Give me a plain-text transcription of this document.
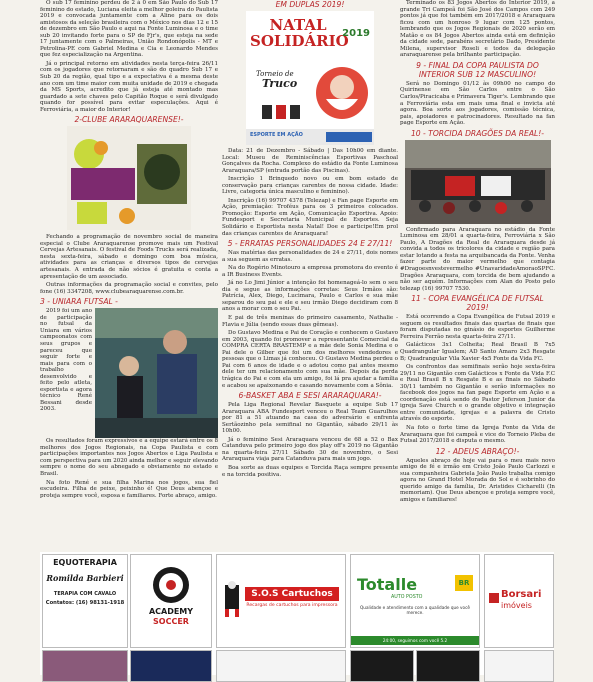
O sub 17 feminino perdeu de 2 á 0 em São Paulo do Sub 17 feminino do estado, Luciana eleita a melhor goleira do Paulista 2019 e convocada juntamente com a Aline para os dois amistosos da seleção brasileira com o México nos dias 12 e 15 de dezembro em São Paulo e aqui na Fonte Luminosa e o time sub 20 invitando forte para o SP de Fjr's, que esteja na sede 17 juntamente com o Palmeiras, União Rondonópolis - MT e Petrolina-PE com Gabriel Medina e Cia e Leonardo Mendes que fez especialização na Argentina.

Já o principal retorno em atividades nesta terça-feira 26/11 com os jogadores que retornaram e são do quadro Sub 17 e Sub 20 da região, qual tipo e a expectativa é a mesma deste ano com um time maior com muita unidade de 2019 e chegada da MS Sports, acredito que já esteja até montado mas guardado a sete chaves pelo Capitão Roque e será divulgado quando for possível para evitar especulações. Aqui é Ferroviária, a maior do Interior!

2-CLUBE ARARAQUARENSE!-

Fechando a programação de novembro social de maneira especial o Clube Araraquarense promove mais um Festival Cervejas Artesanais. O festival de Foods Trucks será realizada, nesta sexta-feira, sábado e domingo com boa música, atividades para as crianças e diversos tipos de cervejas artesanais. A entrada de não sócios é gratuita e conta a apresentação de um associado.

Outras informações da programação social e convites, pelo fone (16) 3347208, www.clubearaquarense.com.br.

3 - UNIARA FUTSAL -

2019 foi um ano de participação no futsal da Uniara em vários campeonatos com seus grupos e pareceu que seguir forte e mais para com o trabalho desenvolvido e feito pelo atleta, esportista e agora técnico René Bessani desde 2003.

Os resultados foram expressivos e a equipe estará entre os 8 melhores dos Jogos Regionais, na Copa Paulista e com participações importantes nos Jogos Abertos e Liga Paulista e com perspectiva para um 2020 ainda melhor e seguir elevando sempre o nome do seu abnegado e obviamente no estado e Brasil.

Na foto René e sua filha Marina nos jogos, sua fiel escudeira. Filha de peixe, peixinho é! Que Deus abençoe e proteja sempre você, esposa e familiares. Forte abraço, amigo.

EM DUPLAS 2019!
NATAL SOLIDÁRIO
2019
Torneio de
Truco
ESPORTE EM AÇÃO

Data: 21 de Dezembro - Sábado | Das 10h00 em diante. Local: Museu de Reminiscências Esportivas Paschoal Gonçalves da Rocha. Complexo do estádio da Fonte Luminosa Araraquara/SP (entrada portão das Piscinas).

Inscrição 1 Brinquedo novo ou em bom estado de conservação para crianças carentes de nossa cidade. Idade: Livre, categoria única masculino e feminino).

Inscrição (16) 99707 4378 (Telezap) e Fan page Esporte em Ação, premiação: Troféus para os 3 primeiros colocados. Promoção: Esporte em Ação, Comunicação Esportiva. Apoio: Fundesport e Secretaria Municipal de Esportes. Seja Solidário e Esportista nesta Natal! Doe e participe!Em prol das crianças carentes de Araraquara!

5 - ERRATAS PERSONALIDADES 24 E 27/11!

Nas matérias das personalidades de 24 e 27/11, dois nomes a sua seguem as erratas.

Na do Rogério Minotouro a empresa promotora do evento é a IR Business Events.

Já no Lo Jimi Júnior a intenção foi homenageá-lo sem o seu dia e segue as informações corretas: Seus Irmãos são: Patrícia, Alex, Diego, Lucimara, Paulo e Carlos e sua mãe separou do seu pai e ele e seu irmão Diego decidiram com 8 anos a morar com o seu Pai.

E pai de três meninas do primeiro casamento, Nathalie - Flavia e Júlia (sendo essas duas gêmeas).

Do Gustavo Medina e Pai de Coração e conhecem o Gustavo em 2003, quando foi promover a representante Comercial da COMPRA CERTA BRASTEMP e a mãe dele Sonia Medina e o Pai dele o Gilber que foi um dos melhores vendedores e pessoas que o Limas já conheceu. O Gustavo Medina perdeu o Pai com 6 anos de idade e o adotou como pai antes mesmo dele ter um relacionamento com sua mãe. Depois da perda trágica do Pai e com ela um amigo, foi lá pra ajudar a família e acabou se apaixonando e casando novamente com a Sônia.

6-BASKET ABA E SESI ARARAQUARA!-

Pela Liga Regional Revelar Basquete a equipe Sub 17 Araraquara ABA Fundesport venceu o Real Team Guarulhos por 81 a 51 atuando na casa do adversário e enfrenta Sertãozinho pela semifinal no Gigantão, sábado 29/11 às 10h00.

Já o feminino Sesi Araraquara venceu de 68 a 52 o Bax Catanduva pelo primeiro jogo dos play off's 2019 no Gigantão na quarta-feira 27/11 Sábado 30 de novembro, o Sesi Araraquara viaja para Catanduva para mais um jogo.

Boa sorte as duas equipes e Torcida Raça sempre presente e na torcida positiva.

Terminado os 83 Jogos Abertos do Interior 2019, a grande Tri Campeã foi São José dos Campos com 249 pontos já que foi também em 2017/2018 e Araraquara ficou com um honroso 9 lugar com 125 pontos, lembrando que os Jogos Regionais de 2020 serão em Matão e os 84 Jogos Abertos ainda está em definição da cidade sede, parabéns secretário Dado, Presidente Milena, supervisor Roseli e todos da delegação araraquarense pela brilhante participação.

9 - FINAL DA COPA PAULISTA DO INTERIOR SUB 12 MASCULINO!

Será no Domingo 01/12 às 09h00 no campo do Quirinense em São Carlos entre o São Carlos/Piracicaba e Primavera Tiger's. Lembrando que a Ferroviária esta em mais uma final e invicta até agora. Boa sorte aos jogadores, comissão técnica, pais, apoiadores e patrocinadores. Resultado na fan page Esporte em Ação.

10 - TORCIDA DRAGÕES DA REAL!-

Confirmado para Araraquara no estádio da Fonte Luminosa em 28/01 a quarta-feira, Ferroviária x São Paulo, A Dragões da Real de Araraquara desde já convida a todos os tricolores da cidade e região para estar lotando a festa na arquibancada da Fonte. Venha fazer parte do maior vermelho que contagia #Dragoesnvestevermelho #UnavaridadeAmoraoSPFC. Dragões Araraquara, com torcida de bem ajudando a não ser aquém. Informações com Alan do Posto pelo telezap (16) 99707 7530.

11 - COPA EVANGÉLICA DE FUTSAL 2019!

Está ocorrendo a Copa Evangélica de Futsal 2019 e seguem os resultados finais das quartas de finais que foram disputadas no ginásio de esportes Guilherme Ferreira Ferrão nesta quarta-feira 27/11.

Galácticos 3x1 Colheita; Real Brasil B 7x5 Quadrangular Igualem; AD Santo Amaro 2x3 Resgate B; Quadrangular Vila Xavier 4x5 Fonte da Vida FC.

Os confrontos das semifinais serão hoje sexta-feira 29/11 no Gigantão com Galácticos x Fonte da Vida F.C e Real Brasil B x Resgate B e as finais no Sábado 30/11 também no Gigantão e serão informações no facebook dos jogos na fan page Esporte em Ação e a coordenação está sendo do Pastor Jeferson Junior da igreja Save Church e o grande objetivo e integração entre comunidade, igrejas e a palavra de Cristo através do esporte.

Na foto o forte time da Igreja Fonte da Vida de Araraquara que foi campeã e vice do Torneio Pleba de Futsal 2017/2018 e disputa o mesmo.

12 - ADEUS ABRAÇO!-

Aqueles abraço de hoje vai para o meu mais novo amigo de fé e irmão em Cristo João Paulo Carlozzi e sua companheira Gabriela João Paulo trabalha comigo agora no Grand Hotel Morada do Sol e é sobrinho do querido amigo da família, Dr. Aristides Cicharelli (In memoriam). Que Deus abençoe e proteja sempre você, amigos e familiares!

EQUOTERAPIA
Romilda Barbieri
TERAPIA COM CAVALO
Contatos: (16) 98131-1918
ACADEMY
SOCCER
S.O.S Cartuchos
Recargas de cartuchos para impressora
Totalle	BR
AUTO POSTO
Qualidade e atendimento com a qualidade que você merece.
24:00, seguimos com você 5.2
Borsari
imóveis
